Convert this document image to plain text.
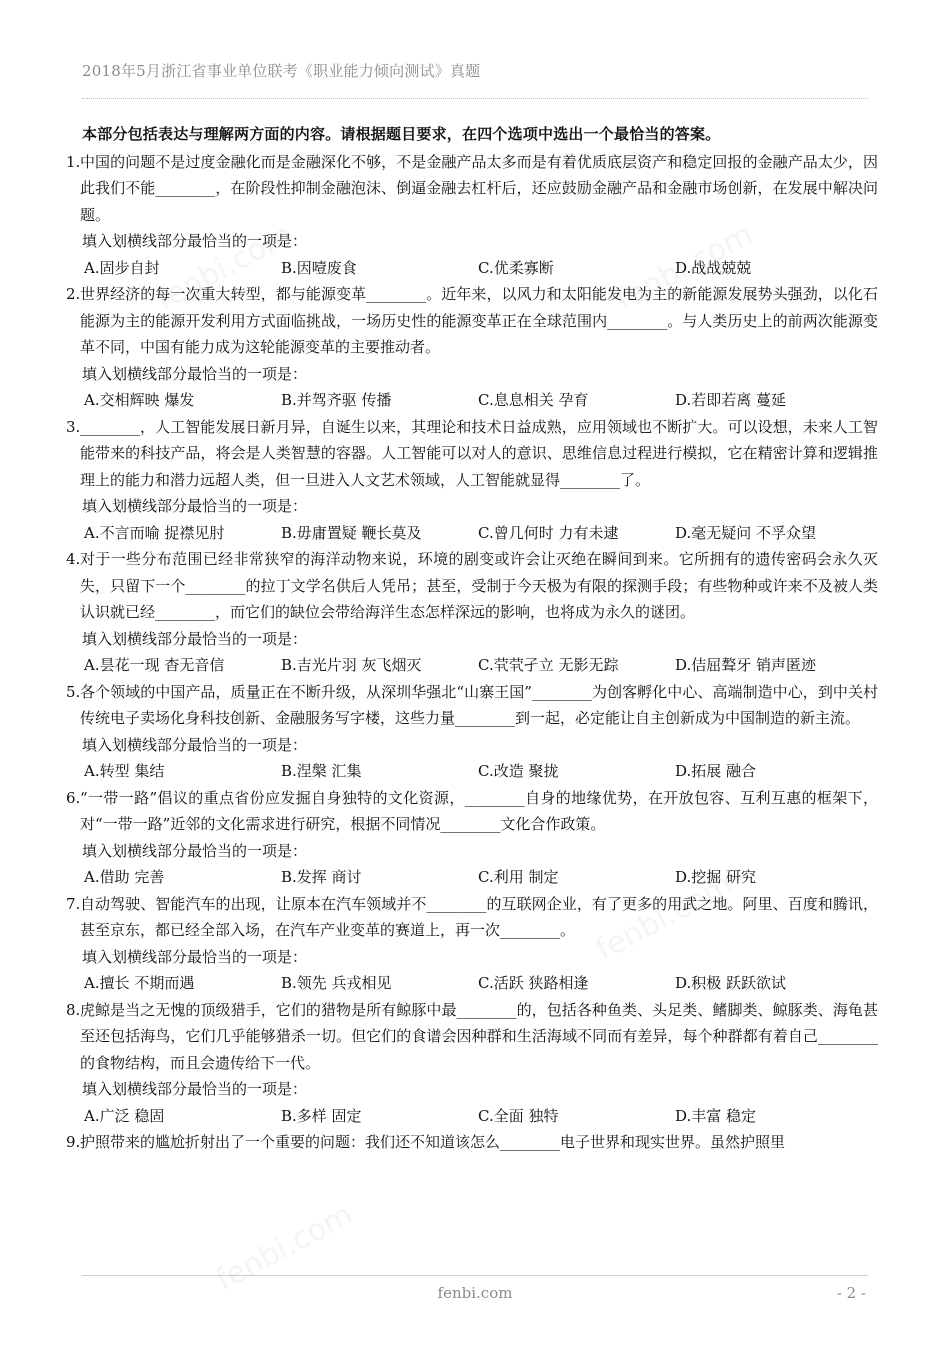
2018年5月浙江省事业单位联考《职业能力倾向测试》真题
本部分包括表达与理解两方面的内容。请根据题目要求，在四个选项中选出一个最恰当的答案。
1. 中国的问题不是过度金融化而是金融深化不够，不是金融产品太多而是有着优质底层资产和稳定回报的金融产品太少，因此我们不能________，在阶段性抑制金融泡沫、倒逼金融去杠杆后，还应鼓励金融产品和金融市场创新，在发展中解决问题。
填入划横线部分最恰当的一项是：
A.固步自封	B.因噎废食	C.优柔寡断	D.战战兢兢
2. 世界经济的每一次重大转型，都与能源变革________。近年来，以风力和太阳能发电为主的新能源发展势头强劲，以化石能源为主的能源开发利用方式面临挑战，一场历史性的能源变革正在全球范围内________。与人类历史上的前两次能源变革不同，中国有能力成为这轮能源变革的主要推动者。
填入划横线部分最恰当的一项是：
A.交相辉映 爆发	B.并驾齐驱 传播	C.息息相关 孕育	D.若即若离 蔓延
3. ________，人工智能发展日新月异，自诞生以来，其理论和技术日益成熟，应用领域也不断扩大。可以设想，未来人工智能带来的科技产品，将会是人类智慧的容器。人工智能可以对人的意识、思维信息过程进行模拟，它在精密计算和逻辑推理上的能力和潜力远超人类，但一旦进入人文艺术领域，人工智能就显得________了。
填入划横线部分最恰当的一项是：
A.不言而喻 捉襟见肘	B.毋庸置疑 鞭长莫及	C.曾几何时 力有未逮	D.毫无疑问 不孚众望
4. 对于一些分布范围已经非常狭窄的海洋动物来说，环境的剧变或许会让灭绝在瞬间到来。它所拥有的遗传密码会永久灭失，只留下一个________的拉丁文学名供后人凭吊；甚至，受制于今天极为有限的探测手段；有些物种或许来不及被人类认识就已经________，而它们的缺位会带给海洋生态怎样深远的影响，也将成为永久的谜团。
填入划横线部分最恰当的一项是：
A.昙花一现 杳无音信	B.吉光片羽 灰飞烟灭	C.茕茕孑立 无影无踪	D.佶屈聱牙 销声匿迹
5. 各个领域的中国产品，质量正在不断升级，从深圳华强北“山寨王国”________为创客孵化中心、高端制造中心，到中关村传统电子卖场化身科技创新、金融服务写字楼，这些力量________到一起，必定能让自主创新成为中国制造的新主流。
填入划横线部分最恰当的一项是：
A.转型 集结	B.涅槃 汇集	C.改造 聚拢	D.拓展 融合
6. “一带一路”倡议的重点省份应发掘自身独特的文化资源，________自身的地缘优势，在开放包容、互利互惠的框架下，对“一带一路”近邻的文化需求进行研究，根据不同情况________文化合作政策。
填入划横线部分最恰当的一项是：
A.借助 完善	B.发挥 商讨	C.利用 制定	D.挖掘 研究
7. 自动驾驶、智能汽车的出现，让原本在汽车领域并不________的互联网企业，有了更多的用武之地。阿里、百度和腾讯，甚至京东，都已经全部入场，在汽车产业变革的赛道上，再一次________。
填入划横线部分最恰当的一项是：
A.擅长 不期而遇	B.领先 兵戎相见	C.活跃 狭路相逢	D.积极 跃跃欲试
8. 虎鲸是当之无愧的顶级猎手，它们的猎物是所有鲸豚中最________的，包括各种鱼类、头足类、鳍脚类、鲸豚类、海龟甚至还包括海鸟，它们几乎能够猎杀一切。但它们的食谱会因种群和生活海域不同而有差异，每个种群都有着自己________的食物结构，而且会遗传给下一代。
填入划横线部分最恰当的一项是：
A.广泛 稳固	B.多样 固定	C.全面 独特	D.丰富 稳定
9. 护照带来的尴尬折射出了一个重要的问题：我们还不知道该怎么________电子世界和现实世界。虽然护照里
fenbi.com	- 2 -
